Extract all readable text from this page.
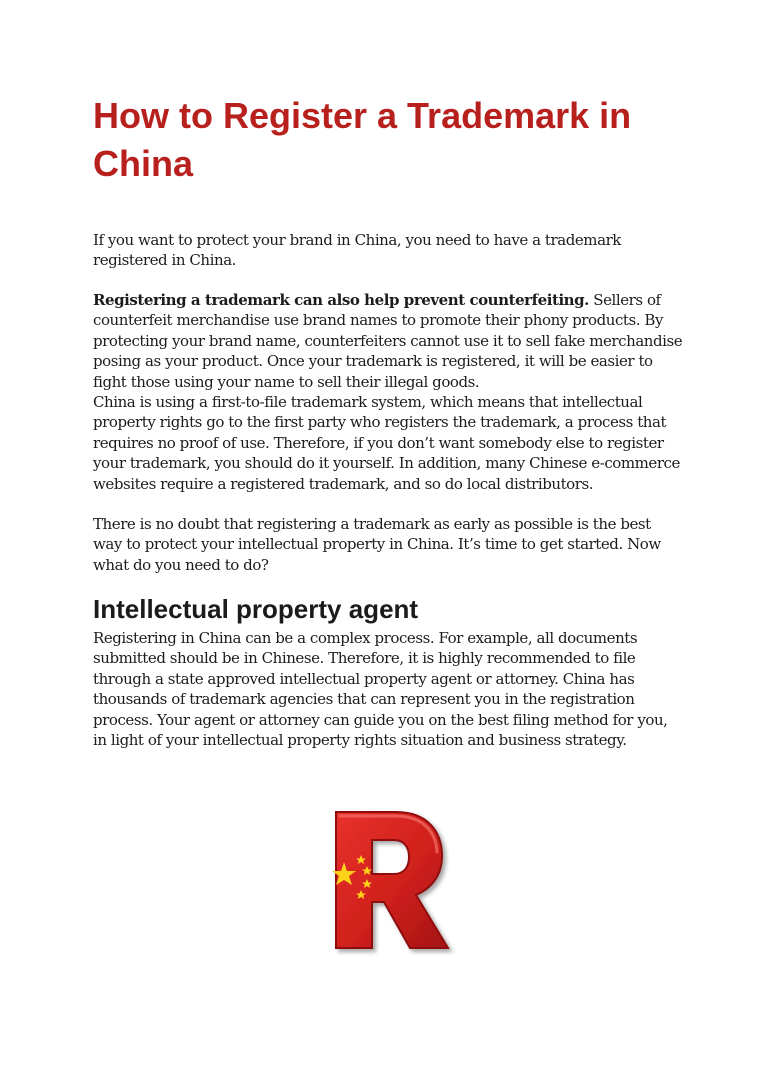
How to Register a Trademark in China

If you want to protect your brand in China, you need to have a trademark registered in China.

Registering a trademark can also help prevent counterfeiting. Sellers of counterfeit merchandise use brand names to promote their phony products. By protecting your brand name, counterfeiters cannot use it to sell fake merchandise posing as your product. Once your trademark is registered, it will be easier to fight those using your name to sell their illegal goods.

China is using a first-to-file trademark system, which means that intellectual property rights go to the first party who registers the trademark, a process that requires no proof of use. Therefore, if you don’t want somebody else to register your trademark, you should do it yourself. In addition, many Chinese e-commerce websites require a registered trademark, and so do local distributors.

There is no doubt that registering a trademark as early as possible is the best way to protect your intellectual property in China. It’s time to get started. Now what do you need to do?

Intellectual property agent

Registering in China can be a complex process. For example, all documents submitted should be in Chinese. Therefore, it is highly recommended to file through a state approved intellectual property agent or attorney. China has thousands of trademark agencies that can represent you in the registration process. Your agent or attorney can guide you on the best filing method for you, in light of your intellectual property rights situation and business strategy.
